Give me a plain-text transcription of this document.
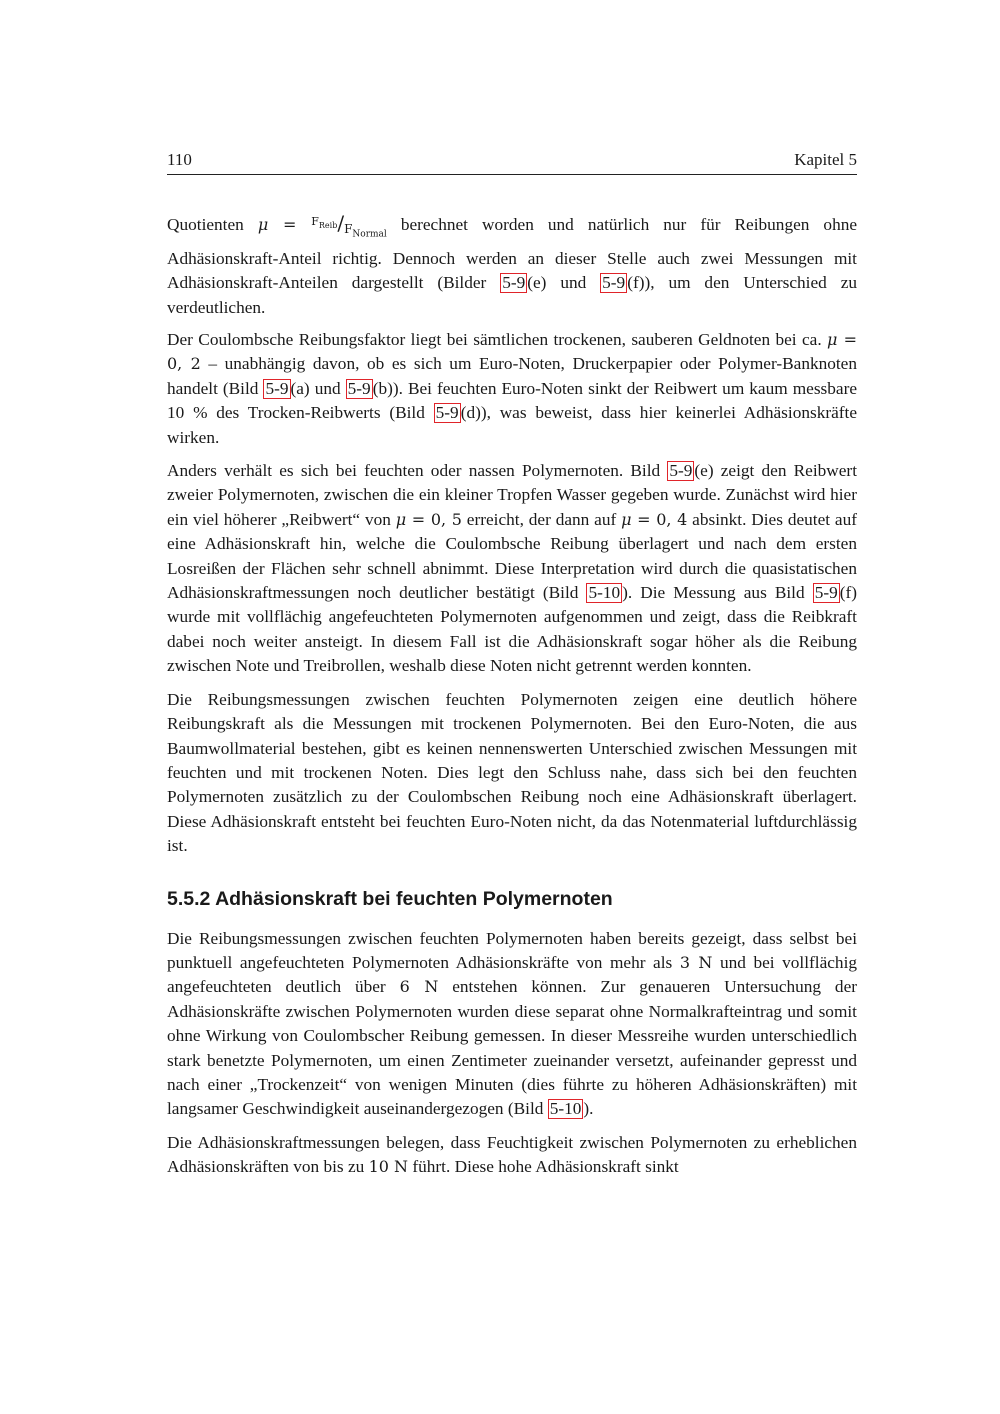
110	Kapitel 5

Quotienten $\mu = ^{F_{Reib}}/F_{Normal}$ berechnet worden und natürlich nur für Reibungen ohne Adhäsionskraft-Anteil richtig. Dennoch werden an dieser Stelle auch zwei Messungen mit Adhäsionskraft-Anteilen dargestellt (Bilder 5-9 (e) und 5-9 (f)), um den Unterschied zu verdeutlichen.

Der Coulombsche Reibungsfaktor liegt bei sämtlichen trockenen, sauberen Geldnoten bei ca. μ = 0, 2 – unabhängig davon, ob es sich um Euro-Noten, Druckerpapier oder Polymer-Banknoten handelt (Bild 5-9 (a) und 5-9 (b)). Bei feuchten Euro-Noten sinkt der Reibwert um kaum messbare 10 % des Trocken-Reibwerts (Bild 5-9 (d)), was beweist, dass hier keinerlei Adhäsionskräfte wirken.

Anders verhält es sich bei feuchten oder nassen Polymernoten. Bild 5-9 (e) zeigt den Reibwert zweier Polymernoten, zwischen die ein kleiner Tropfen Wasser gegeben wurde. Zunächst wird hier ein viel höherer „Reibwert“ von μ = 0, 5 erreicht, der dann auf μ = 0, 4 absinkt. Dies deutet auf eine Adhäsionskraft hin, welche die Coulombsche Reibung überlagert und nach dem ersten Losreißen der Flächen sehr schnell abnimmt. Diese Interpretation wird durch die quasistatischen Adhäsionskraftmessungen noch deutlicher bestätigt (Bild 5-10 ). Die Messung aus Bild 5-9 (f) wurde mit vollflächig angefeuchteten Polymernoten aufgenommen und zeigt, dass die Reibkraft dabei noch weiter ansteigt. In diesem Fall ist die Adhäsionskraft sogar höher als die Reibung zwischen Note und Treibrollen, weshalb diese Noten nicht getrennt werden konnten.

Die Reibungsmessungen zwischen feuchten Polymernoten zeigen eine deutlich höhere Reibungskraft als die Messungen mit trockenen Polymernoten. Bei den Euro-Noten, die aus Baumwollmaterial bestehen, gibt es keinen nennenswerten Unterschied zwischen Messungen mit feuchten und mit trockenen Noten. Dies legt den Schluss nahe, dass sich bei den feuchten Polymernoten zusätzlich zu der Coulombschen Reibung noch eine Adhäsionskraft überlagert. Diese Adhäsionskraft entsteht bei feuchten Euro-Noten nicht, da das Notenmaterial luftdurchlässig ist.

5.5.2 Adhäsionskraft bei feuchten Polymernoten

Die Reibungsmessungen zwischen feuchten Polymernoten haben bereits gezeigt, dass selbst bei punktuell angefeuchteten Polymernoten Adhäsionskräfte von mehr als 3 N und bei vollflächig angefeuchteten deutlich über 6 N entstehen können. Zur genaueren Untersuchung der Adhäsionskräfte zwischen Polymernoten wurden diese separat ohne Normalkrafteintrag und somit ohne Wirkung von Coulombscher Reibung gemessen. In dieser Messreihe wurden unterschiedlich stark benetzte Polymernoten, um einen Zentimeter zueinander versetzt, aufeinander gepresst und nach einer „Trockenzeit“ von wenigen Minuten (dies führte zu höheren Adhäsionskräften) mit langsamer Geschwindigkeit auseinandergezogen (Bild 5-10 ).

Die Adhäsionskraftmessungen belegen, dass Feuchtigkeit zwischen Polymernoten zu erheblichen Adhäsionskräften von bis zu 10 N führt. Diese hohe Adhäsionskraft sinkt
